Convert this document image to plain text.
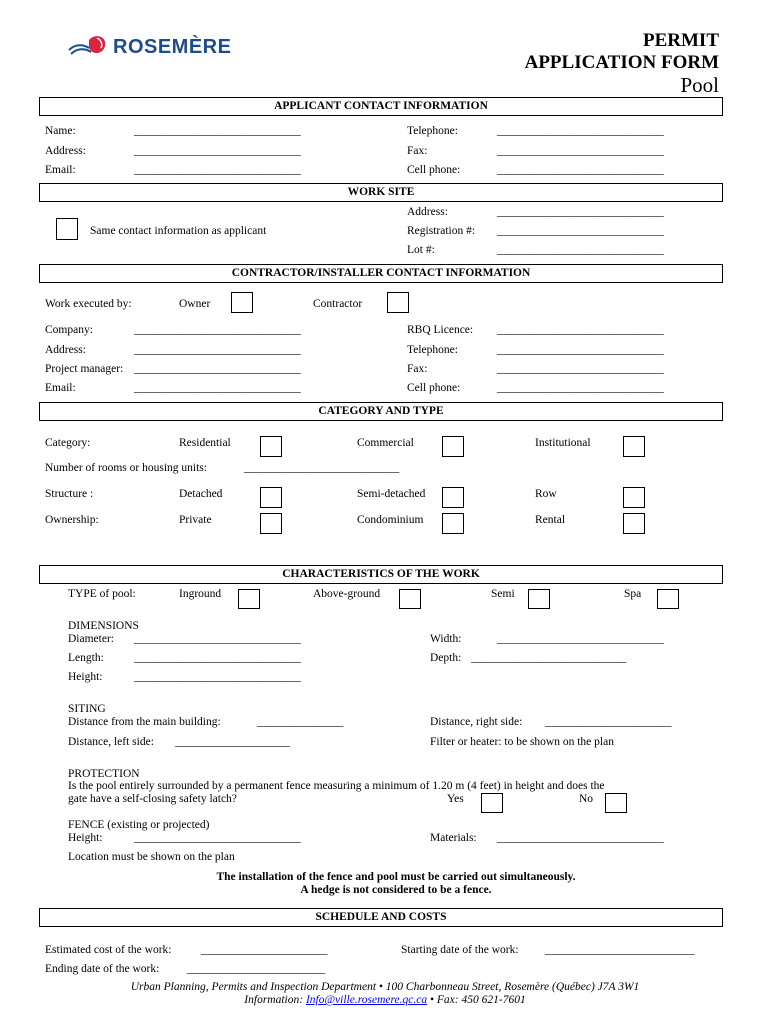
ROSEMÈRE	PERMIT
APPLICATION FORM
Pool
APPLICANT CONTACT INFORMATION
Name:	_____________________________
Address:	_____________________________
Email:	_____________________________
Telephone:	_____________________________
Fax:	_____________________________
Cell phone:	_____________________________
WORK SITE
Same contact information as applicant
Address:	_____________________________
Registration #: _____________________________
Lot #:	_____________________________
CONTRACTOR/INSTALLER CONTACT INFORMATION
Work executed by:	Owner	Contractor
Company:	_____________________________
Address:	_____________________________
Project manager: _____________________________
Email:	_____________________________
RBQ Licence: _____________________________
Telephone:	_____________________________
Fax:	_____________________________
Cell phone:	_____________________________
CATEGORY AND TYPE
Category:	Residential	Commercial	Institutional
Number of rooms or housing units:	___________________________
Structure :	Detached	Semi-detached	Row
Ownership:	Private	Condominium	Rental
CHARACTERISTICS OF THE WORK
TYPE of pool:	Inground	Above-ground	Semi	Spa
DIMENSIONS
Diameter: _____________________________
Length:	_____________________________
Height:	_____________________________
Width:	_____________________________
Depth: ___________________________
SITING
Distance from the main building:	_______________	Distance, right side: ______________________
Distance, left side: ____________________	Filter or heater: to be shown on the plan
PROTECTION
Is the pool entirely surrounded by a permanent fence measuring a minimum of 1.20 m (4 feet) in height and does the
gate have a self-closing safety latch?	Yes	No
FENCE (existing or projected)
Height:	_____________________________	Materials: _____________________________
Location must be shown on the plan
The installation of the fence and pool must be carried out simultaneously.
A hedge is not considered to be a fence.
SCHEDULE AND COSTS
Estimated cost of the work:	______________________	Starting date of the work: __________________________
Ending date of the work: ________________________
Urban Planning, Permits and Inspection Department • 100 Charbonneau Street, Rosemère (Québec) J7A 3W1
Information: Info@ville.rosemere.qc.ca • Fax: 450 621-7601
